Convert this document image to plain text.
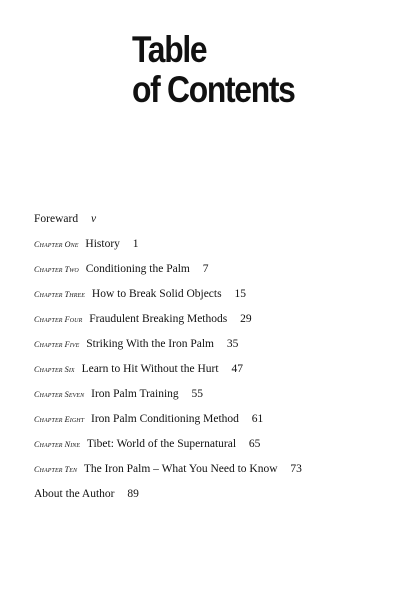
Table
of Contents
Foreward v
Chapter One History 1
Chapter Two Conditioning the Palm 7
Chapter Three How to Break Solid Objects 15
Chapter Four Fraudulent Breaking Methods 29
Chapter Five Striking With the Iron Palm 35
Chapter Six Learn to Hit Without the Hurt 47
Chapter Seven Iron Palm Training 55
Chapter Eight Iron Palm Conditioning Method 61
Chapter Nine Tibet: World of the Supernatural 65
Chapter Ten The Iron Palm – What You Need to Know 73
About the Author 89
